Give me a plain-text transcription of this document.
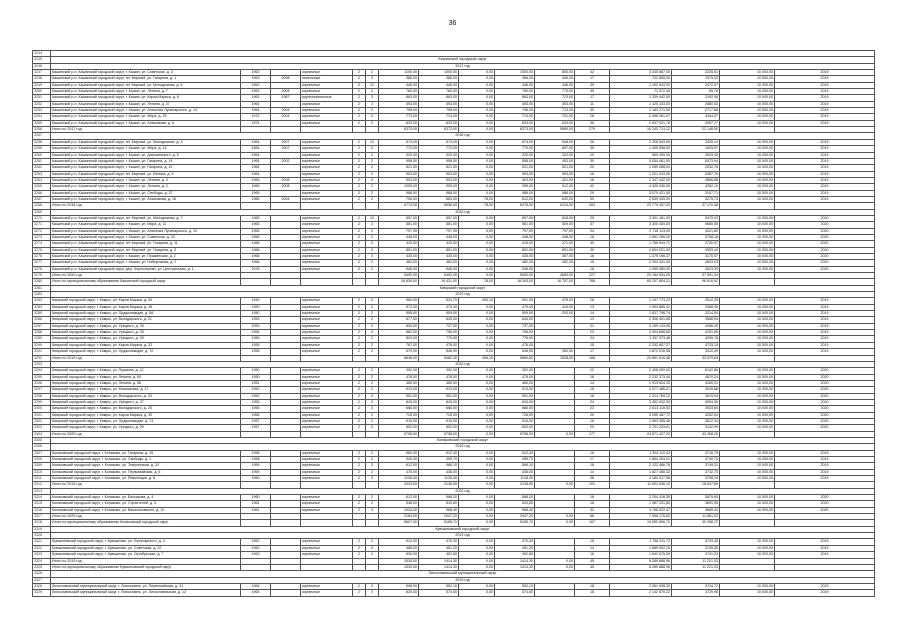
36
3244																
3245	Кашинский городской округ															
3246	2017 год															
3247	Кашинский р-н, Кашинский городской округ, г. Кашин, ул. Советская, д. 3	1963		кирпичные	2	2	1100,00	1000,00	0,00	1000,00	800,00	42	3 345 887,00	3225,61	10 000,00	2019
3248	Кашинский р-н, Кашинский городской округ, пгт Мирный, ул. Гагарина, д. 1	1963	2008	панельные	2	3	366,00	366,00	0,00	366,00	306,00	17	722 855,00	1975,03	10 000,00	2019
3249	Кашинский р-н, Кашинский городской округ, пгт Мирный, ул. Молодежная, д. 6	1963		кирпичные	2	12	446,00	446,00	0,00	446,00	446,00	39	1 102 543,00	2472,07	10 000,00	2019
3250	Кашинский р-н, Кашинский городской округ, г. Кашин, ул. Ленина, д. 7	1963	2004	кирпичные	2	2	760,00	760,00	0,00	760,00	775,00	45	71 572,44	65,78	10 000,00	2019
3251	Кашинский р-н, Кашинский городской округ, г. Кашин, ул. Карла Маркса, д. 6	1963	1987	крупнопанельные	2	3	863,00	863,00	0,00	863,00	723,00	17	1 339 442,00	2392,06	10 000,00	2019
3252	Кашинский р-н, Кашинский городской округ, г. Кашин, ул. Ленина, д. 37	1964		кирпичные	2	2	493,00	493,00	0,00	493,00	493,00	11	1 420 103,00	2880,53	10 000,00	2019
3253	Кашинский р-н, Кашинский городской округ, г. Кашин, ул. Анатолия Луначарского, д. 14	1964	2004	кирпичные	2	2	796,00	796,00	0,00	796,00	713,00	30	2 163 271,00	2717,68	10 000,00	2019
3254	Кашинский р-н, Кашинский городской округ, г. Кашин, ул. Мира, д. 25	1972	2004	кирпичные	2	2	773,00	713,00	0,00	713,00	701,00	26	2 456 261,07	3444,97	10 000,00	2019
3255	Кашинский р-н, Кашинский городской округ, г. Кашин, ул. Анисимова, д. 6	1974		кирпичные	2	2	833,00	833,00	0,00	833,00	833,00	36	2 547 021,78	3057,77	10 000,00	2019
3256	Итого по 2017 год						6373,00	6373,00	0,00	6373,00	5960,00	279	16 243 713,12	22 148,50		
3257	2018 год															
3258	Кашинский р-н, Кашинский городской округ, пгт Мирный, ул. Молодежная, д. 9	1964	2007	кирпичные	2	12	674,00	674,00	0,00	674,00	548,00	26	2 308 543,00	3425,14	10 000,00	2019
3259	Кашинский р-н, Кашинский городской округ, г. Кашин, ул. Мира, д. 14	1964	2007	кирпичные	2	2	770,00	770,00	0,00	770,00	697,00	35	1 405 998,00	1825,97	10 000,00	2019
3260	Кашинский р-н, Кашинский городской округ, г. Кашин, ул. Дзержинского, д. 5	1964		кирпичные	2	2	320,00	320,00	0,00	320,00	320,00	10	969 409,00	3029,40	10 000,00	2019
3261	Кашинский р-н, Кашинский городской округ, г. Кашин, ул. Гагарина, д. 14	1964	2002	кирпичные	2	2	558,00	558,00	0,00	558,00	453,00	30	3 054 461,00	5473,94	10 000,00	2019
3262	Кашинский р-н, Кашинский городской округ, г. Кашин, ул. Гагарина, д. 10	1964		кирпичные	2	2	521,00	521,00	0,00	521,00	521,00	20	1 059 068,00	2032,76	10 000,00	2019
3263	Кашинский р-н, Кашинский городской округ, пгт Мирный, ул. Ленина, д. 9	1964		кирпичные	2	2	503,00	503,00	0,00	503,00	503,00	16	1 201 043,00	2387,76	10 000,00	2019
3264	Кашинский р-н, Кашинский городской округ, г. Кашин, ул. Ленина, д. 4	1965	2008	кирпичные	2	2	503,00	503,00	0,00	503,00	421,00	16	2 347 442,00	4666,88	10 000,00	2019
3265	Кашинский р-н, Кашинский городской округ, г. Кашин, ул. Ленина, д. 2	1965	2008	кирпичные	2	2	1095,00	995,00	0,00	995,00	912,00	42	4 330 340,00	4352,10	10 000,00	2019
3266	Кашинский р-н, Кашинский городской округ, г. Кашин, ул. Свободы, д. 27	1965		кирпичные	2	2	988,00	988,00	0,00	988,00	988,00	29	3 070 421,00	3107,71	10 000,00	2019
3267	Кашинский р-н, Кашинский городской округ, г. Кашин, ул. Анисимова, д. 16	1965	2004	кирпичные	2	2	796,00	683,00	78,00	612,00	642,00	30	2 539 305,00	3275,73	10 000,00	2019
3268	Итого по 2018 год						6774,00	6556,00	78,00	6478,00	6114,00	262	23 779 457,00	37 170,48		
3269	2020 год															
3270	Кашинский р-н, Кашинский городской округ, пгт Мирный, ул. Молодежная, д. 7	1965		кирпичные	2	12	897,00	897,00	0,00	897,00	818,00	29	3 301 461,00	3470,03	10 000,00	2020
3271	Кашинский р-н, Кашинский городской округ, г. Кашин, ул. Мира, д. 11	1965		кирпичные	2	2	581,00	581,00	0,00	581,00	509,00	37	3 300 400,00	5680,55	10 000,00	2020
3272	Кашинский р-н, Кашинский городской округ, г. Кашин, ул. Анатолия Луначарского, д. 19	1965		кирпичные	2	2	797,00	797,00	0,00	797,00	797,00	24	2 718 113,00	4021,80	10 000,00	2020
3273	Кашинский р-н, Кашинский городской округ, г. Кашин, ул. Советская, д. 33	1965		кирпичные	2	2	448,00	448,00	0,00	448,00	448,00	18	1 661 266,00	3708,18	10 000,00	2020
3274	Кашинский р-н, Кашинский городской округ, пгт Мирный, ул. Гагарина, д. 11	1966		кирпичные	2	2	415,00	415,00	0,00	415,00	371,00	40	1 785 544,72	2740,97	10 000,00	2020
3275	Кашинский р-н, Кашинский городской округ, пгт Мирный, ул. Гагарина, д. 3	1966		кирпичные	2	2	891,00	891,00	0,00	891,00	891,00	30	2 604 921,00	4933,44	10 000,00	2020
3276	Кашинский р-н, Кашинский городской округ, г. Кашин, ул. Пушкинская, д. 2	1966		кирпичные	2	2	435,00	435,00	0,00	435,00	367,00	16	1 379 198,37	3170,57	10 000,00	2020
3277	Кашинский р-н, Кашинский городской округ, г. Кашин, ул. Набережная, д. 2	1966		кирпичные	2	2	482,00	482,00	0,00	482,00	482,00	15	2 334 341,00	4843,03	10 000,00	2020
3278	Кашинский р-н, Кашинский городской округ, дер. Чернозерово, ул. Центральная, д. 1	1978		кирпичные	2	2	546,00	546,00	0,00	546,00		18	1 099 389,00	4023,39	10 000,00	2020
3279	Итого по 2020 год						5492,00	5492,00	0,00	5492,00	4683,00	227	20 184 634,09	37 591,94		
3280	Итого по муниципальному образованию Кашинский городской округ						18 639,00	18 421,00	78,00	18 343,00	16 757,00	768	60 207 804,21	96 910,92		
3281	Кимрский городской округ															
3282	2019 год															
3283	Кимрский городской округ, г. Кимры, ул. Карла Маркса, д. 40	1949		кирпичные	2	2	960,00	524,70	405,10	901,90	475,00	28	1 197 773,23	2512,25	10 000,00	2019
3284	Кимрский городской округ, г. Кимры, ул. Карла Маркса, д. 36	1950		кирпичные	2	2	572,00	470,40	0,00	470,40	410,00	13	1 593 885,41	3388,45	10 000,00	2019
3285	Кимрский городской округ, г. Кимры, ул. Орджоникидзе, д. 68	1950		кирпичные	2	2	558,00	509,50	0,00	509,50	293,00	14	1 637 796,74	3214,50	10 000,00	2019
3286	Кимрский городской округ, г. Кимры, ул. Володарского, д. 21	1953		кирпичные	2	2	677,00	643,00	0,00	643,00		13	2 306 401,65	3586,94	10 000,00	2019
3287	Кимрский городской округ, г. Кимры, ул. Урицкого, д. 33	1953		кирпичные	2	2	830,00	737,00	0,00	737,00		21	3 159 143,05	4286,49	10 000,00	2019
3288	Кимрский городской округ, г. Кимры, ул. Урицкого, д. 35	1954		кирпичные	2	2	882,00	796,00	0,00	796,00		23	3 304 668,65	4151,59	10 000,00	2019
3289	Кимрский городской округ, г. Кимры, ул. Урицкого, д. 39	1955		кирпичные	2	2	803,00	776,90	0,00	776,90		24	3 337 373,48	4295,78	10 000,00	2019
3290	Кимрский городской округ, г. Кимры, ул. Карла Маркса, д. 32	1955		кирпичные	2	2	787,00	476,00	0,00	476,00		15	2 252 857,27	4733,15	10 000,00	2019
3291	Кимрский городской округ, г. Кимры, ул. Орджоникидзе, д. 72	1955		кирпичные	2	2	579,00	548,90	0,00	548,90	350,00	17	1 872 016,98	3410,49	10 000,00	2019
3292	Итого по 2019 год						6648,00	5482,40	405,10	5860,60	1528,00	168	20 661 916,46	33 579,64		
3293	2020 год															
3294	Кимрский городской округ, г. Кимры, ул. Пушкина, д. 12	1950		кирпичные	2	2	392,00	392,00	0,00	392,00		12	2 408 000,00	6142,86	10 000,00	2020
3295	Кимрский городской округ, г. Кимры, ул. Ленина, д. 60	1950		кирпичные	2	2	478,00	478,00	0,00	478,00		16	2 232 373,44	4670,24	10 000,00	2020
3296	Кимрский городской округ, г. Кимры, ул. Ленина, д. 58	1951		кирпичные	2	2	460,00	460,00	0,00	460,00		14	1 913 604,33	4160,01	10 000,00	2020
3297	Кимрский городской округ, г. Кимры, ул. Московская, д. 27	1952		кирпичные	2	2	513,00	513,00	0,00	513,00		15	2 077 486,21	4049,68	10 000,00	2020
3298	Кимрский городской округ, г. Кимры, ул. Володарского, д. 33	1952		кирпичные	2	2	551,00	551,00	0,00	551,00		18	2 214 765,10	4019,54	10 000,00	2020
3299	Кимрский городской округ, г. Кимры, ул. Урицкого, д. 37	1955		кирпичные	2	2	843,00	843,00	0,00	843,00		24	3 452 002,93	4094,90	10 000,00	2020
3300	Кимрский городской округ, г. Кимры, ул. Володарского, д. 25	1956		кирпичные	2	2	666,00	666,00	0,00	666,00		22	2 613 118,53	3923,60	10 000,00	2020
3301	Кимрский городской округ, г. Кимры, ул. Карла Маркса, д. 30	1956		кирпичные	2	2	728,00	728,00	0,00	728,00		20	3 095 487,72	4252,04	10 000,00	2020
3302	Кимрский городской округ, г. Кимры, ул. Орджоникидзе, д. 74	1957		кирпичные	2	2	515,00	515,00	0,00	515,00		16	1 963 355,45	3812,34	10 000,00	2020
3303	Кимрский городской округ, г. Кимры, ул. Урицкого, д. 29	1957		кирпичные	2	2	652,00	652,00	0,00	652,00		20	2 701 233,51	4142,99	10 000,00	2020
3304	Итого по 2020 год						5798,00	5798,00	0,00	5798,00	0,00	177	24 671 427,22	43 268,20		
3305	Конаковский городской округ															
3306	2019 год															
3307	Конаковский городской округ, г. Конаково, ул. Гагарина, д. 15	1958		кирпичные	2	2	560,00	512,30	0,00	512,30		16	1 904 110,43	3716,79	10 000,00	2019
3308	Конаковский городской округ, г. Конаково, ул. Свободы, д. 1	1958		кирпичные	2	2	540,00	495,70	0,00	495,70		17	1 854 263,01	3740,70	10 000,00	2019
3309	Конаковский городской округ, г. Конаково, ул. Энергетиков, д. 24	1959		кирпичные	2	2	612,00	566,10	0,00	566,10		18	2 122 486,76	3749,31	10 000,00	2019
3310	Конаковский городской округ, г. Конаково, ул. Первомайская, д. 6	1959		кирпичные	2	2	475,00	436,00	0,00	436,00		14	1 627 458,32	3732,70	10 000,00	2019
3311	Конаковский городской округ, г. Конаково, ул. Революции, д. 8	1960		кирпичные	2	3	1236,00	1128,40	0,00	1128,40		36	4 184 317,58	3708,19	10 000,00	2019
3312	Итого по 2019 год						3423,00	3138,50	0,00	3138,50	0,00	101	11 692 636,10	18 647,69		
3313	2020 год															
3314	Конаковский городской округ, г. Конаково, ул. Баскакова, д. 4	1960		кирпичные	2	2	612,00	568,20	0,00	568,20		18	2 204 416,35	3879,65	10 000,00	2020
3315	Конаковский городской округ, г. Конаково, ул. Строителей, д. 3	1961		кирпичные	2	2	548,00	510,60	0,00	510,60		16	1 987 231,80	3891,95	10 000,00	2020
3316	Конаковский городской округ, г. Конаково, ул. Васильковского, д. 10	1961		кирпичные	2	3	1024,00	968,40	0,00	968,40		32	3 766 522,47	3889,43	10 000,00	2020
3317	Итого по 2020 год						2184,00	2047,20	0,00	2047,20	0,00	66	7 958 170,62	11 661,03		
3318	Итого по муниципальному образованию Конаковский городской округ						5607,00	5185,70	0,00	5185,70	0,00	167	19 650 806,72	30 308,72		
3319	Кувшиновский городской округ															
3320	2019 год															
3321	Кувшиновский городской округ, г. Кувшиново, ул. Луначарского, д. 4	1962		кирпичные	2	2	512,00	470,30	0,00	470,30		15	1 756 311,72	3734,45	10 000,00	2019
3322	Кувшиновский городской округ, г. Кувшиново, ул. Советская, д. 22	1962		кирпичные	2	2	488,00	451,20	0,00	451,20		14	1 689 902,15	3745,35	10 000,00	2019
3323	Кувшиновский городской округ, г. Кувшиново, ул. Октябрьская, д. 7	1963		кирпичные	2	2	530,00	492,80	0,00	492,80		16	1 843 675,09	3741,23	10 000,00	2019
3324	Итого по 2019 год						1530,00	1414,30	0,00	1414,30	0,00	45	5 289 888,96	11 221,03		
3325	Итого по муниципальному образованию Кувшиновский городской округ						1530,00	1414,30	0,00	1414,30	0,00	45	5 289 888,96	11 221,03		
3326	Лихославльский муниципальный округ															
3327	2019 год															
3328	Лихославльский муниципальный округ, г. Лихославль, ул. Первомайская, д. 31	1964		кирпичные	2	2	598,00	552,10	0,00	552,10		18	2 061 938,30	3734,72	10 000,00	2019
3329	Лихославльский муниципальный округ, г. Лихославль, ул. Лихославльская, д. 12	1965		кирпичные	2	2	620,00	574,50	0,00	574,50		18	2 142 870,22	3729,98	10 000,00	2019
